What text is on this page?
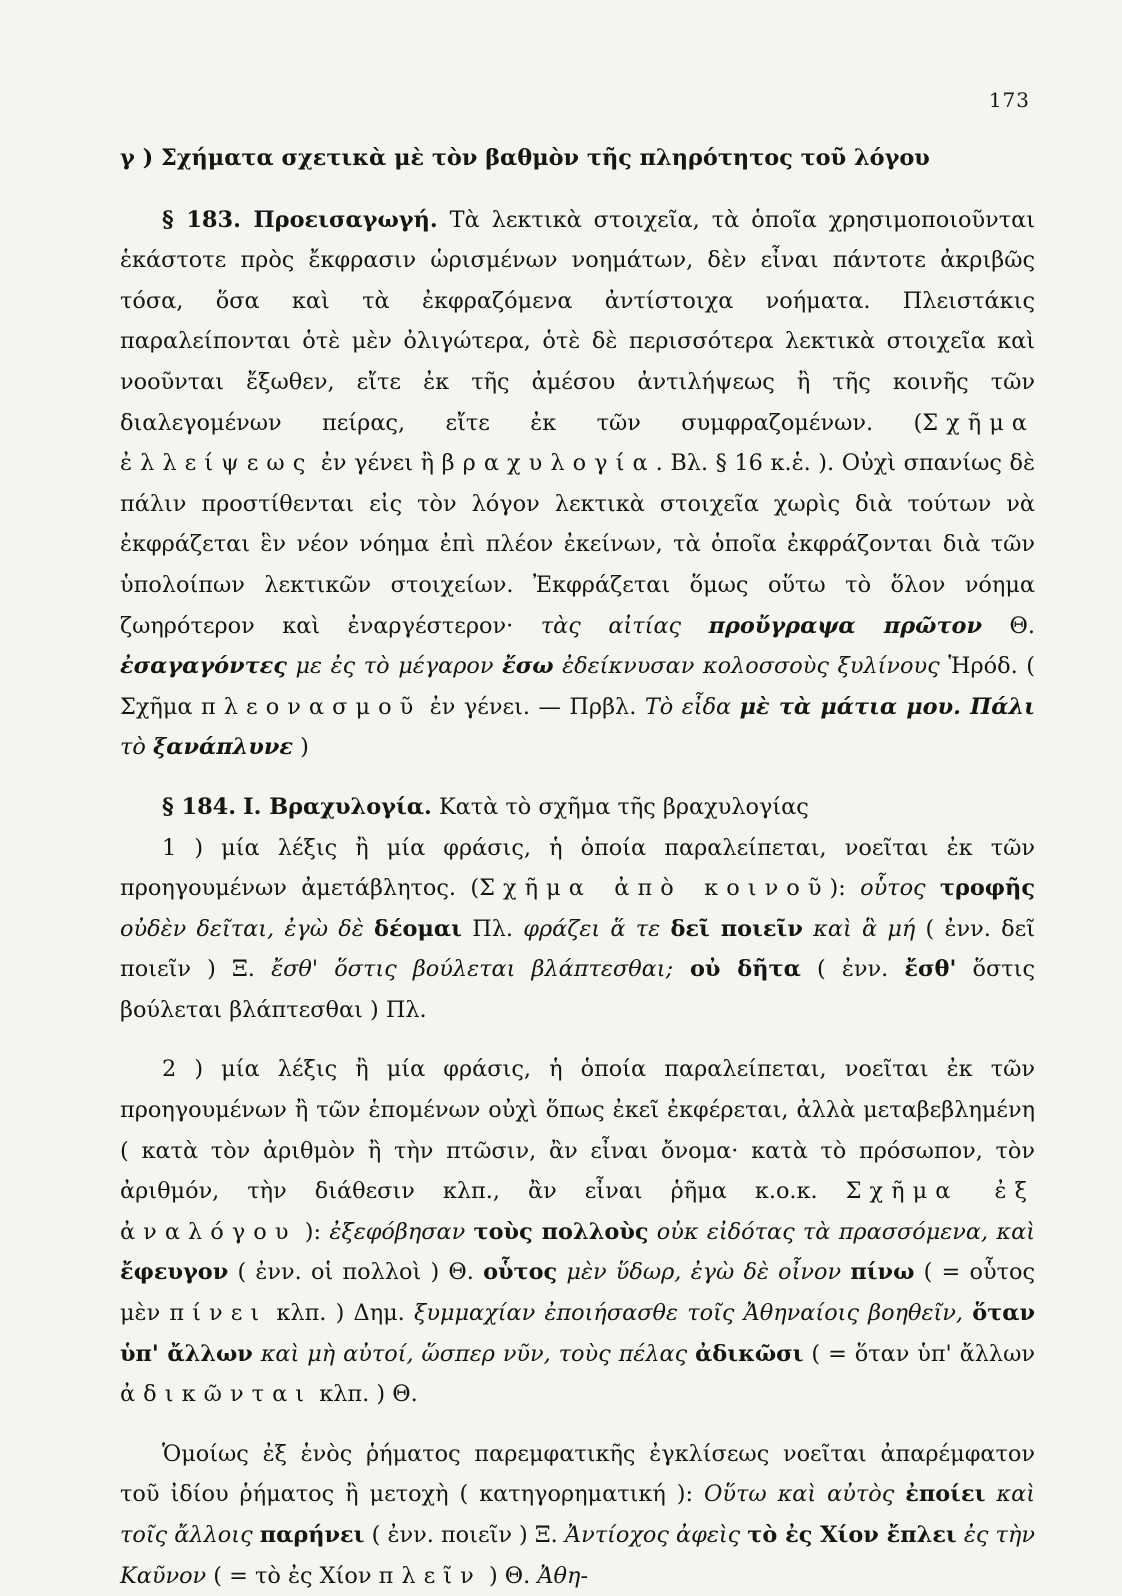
173

γ ) Σχήματα σχετικὰ μὲ τὸν βαθμὸν τῆς πληρότητος τοῦ λόγου

§ 183. Προεισαγωγή. Τὰ λεκτικὰ στοιχεῖα, τὰ ὁποῖα χρησιμοποιοῦνται ἑκάστοτε πρὸς ἔκφρασιν ὡρισμένων νοημάτων, δὲν εἶναι πάντοτε ἀκριβῶς τόσα, ὅσα καὶ τὰ ἐκφραζόμενα ἀντίστοιχα νοήματα. Πλειστάκις παραλείπονται ὁτὲ μὲν ὀλιγώτερα, ὁτὲ δὲ περισσότερα λεκτικὰ στοιχεῖα καὶ νοοῦνται ἔξωθεν, εἴτε ἐκ τῆς ἀμέσου ἀντιλήψεως ἢ τῆς κοινῆς τῶν διαλεγομένων πείρας, εἴτε ἐκ τῶν συμφραζομένων. (Σχῆμα ἐλλείψεως ἐν γένει ἢ βραχυλογία. Βλ. § 16 κ.ἑ. ). Οὐχὶ σπανίως δὲ πάλιν προστίθενται εἰς τὸν λόγον λεκτικὰ στοιχεῖα χωρὶς διὰ τούτων νὰ ἐκφράζεται ἓν νέον νόημα ἐπὶ πλέον ἐκείνων, τὰ ὁποῖα ἐκφράζονται διὰ τῶν ὑπολοίπων λεκτικῶν στοιχείων. Ἐκφράζεται ὅμως οὕτω τὸ ὅλον νόημα ζωηρότερον καὶ ἐναργέστερον· τὰς αἰτίας προὔγραψα πρῶτον Θ. ἐσαγαγόντες με ἐς τὸ μέγαρον ἔσω ἐδείκνυσαν κολοσσοὺς ξυλίνους Ἡρόδ. ( Σχῆμα πλεονασμοῦ ἐν γένει. — Πρβλ. Τὸ εἶδα μὲ τὰ μάτια μου. Πάλι τὸ ξανάπλυνε )

§ 184. Ι. Βραχυλογία. Κατὰ τὸ σχῆμα τῆς βραχυλογίας

1 ) μία λέξις ἢ μία φράσις, ἡ ὁποία παραλείπεται, νοεῖται ἐκ τῶν προηγουμένων ἀμετάβλητος. (Σχῆμα ἀπὸ κοινοῦ): οὗτος τροφῆς οὐδὲν δεῖται, ἐγὼ δὲ δέομαι Πλ. φράζει ἅ τε δεῖ ποιεῖν καὶ ἃ μή ( ἐνν. δεῖ ποιεῖν ) Ξ. ἔσθ' ὅστις βούλεται βλάπτεσθαι; οὐ δῆτα ( ἐνν. ἔσθ' ὅστις βούλεται βλάπτεσθαι ) Πλ.

2 ) μία λέξις ἢ μία φράσις, ἡ ὁποία παραλείπεται, νοεῖται ἐκ τῶν προηγουμένων ἢ τῶν ἑπομένων οὐχὶ ὅπως ἐκεῖ ἐκφέρεται, ἀλλὰ μεταβεβλημένη ( κατὰ τὸν ἀριθμὸν ἢ τὴν πτῶσιν, ἂν εἶναι ὄνομα· κατὰ τὸ πρόσωπον, τὸν ἀριθμόν, τὴν διάθεσιν κλπ., ἂν εἶναι ῥῆμα κ.ο.κ. Σχῆμα ἐξ ἀναλόγου ): ἐξεφόβησαν τοὺς πολλοὺς οὐκ εἰδότας τὰ πρασσόμενα, καὶ ἔφευγον ( ἐνν. οἱ πολλοὶ ) Θ. οὗτος μὲν ὕδωρ, ἐγὼ δὲ οἶνον πίνω ( = οὗτος μὲν πίνει κλπ. ) Δημ. ξυμμαχίαν ἐποιήσασθε τοῖς Ἀθηναίοις βοηθεῖν, ὅταν ὑπ' ἄλλων καὶ μὴ αὐτοί, ὥσπερ νῦν, τοὺς πέλας ἀδικῶσι ( = ὅταν ὑπ' ἄλλων ἀδικῶνται κλπ. ) Θ.

Ὁμοίως ἐξ ἑνὸς ῥήματος παρεμφατικῆς ἐγκλίσεως νοεῖται ἀπαρέμφατον τοῦ ἰδίου ῥήματος ἢ μετοχὴ ( κατηγορηματική ): Οὕτω καὶ αὐτὸς ἐποίει καὶ τοῖς ἄλλοις παρήνει ( ἐνν. ποιεῖν ) Ξ. Ἀντίοχος ἀφεὶς τὸ ἐς Χίον ἔπλει ἐς τὴν Καῦνον ( = τὸ ἐς Χίον πλεῖν ) Θ. Ἀθη-
